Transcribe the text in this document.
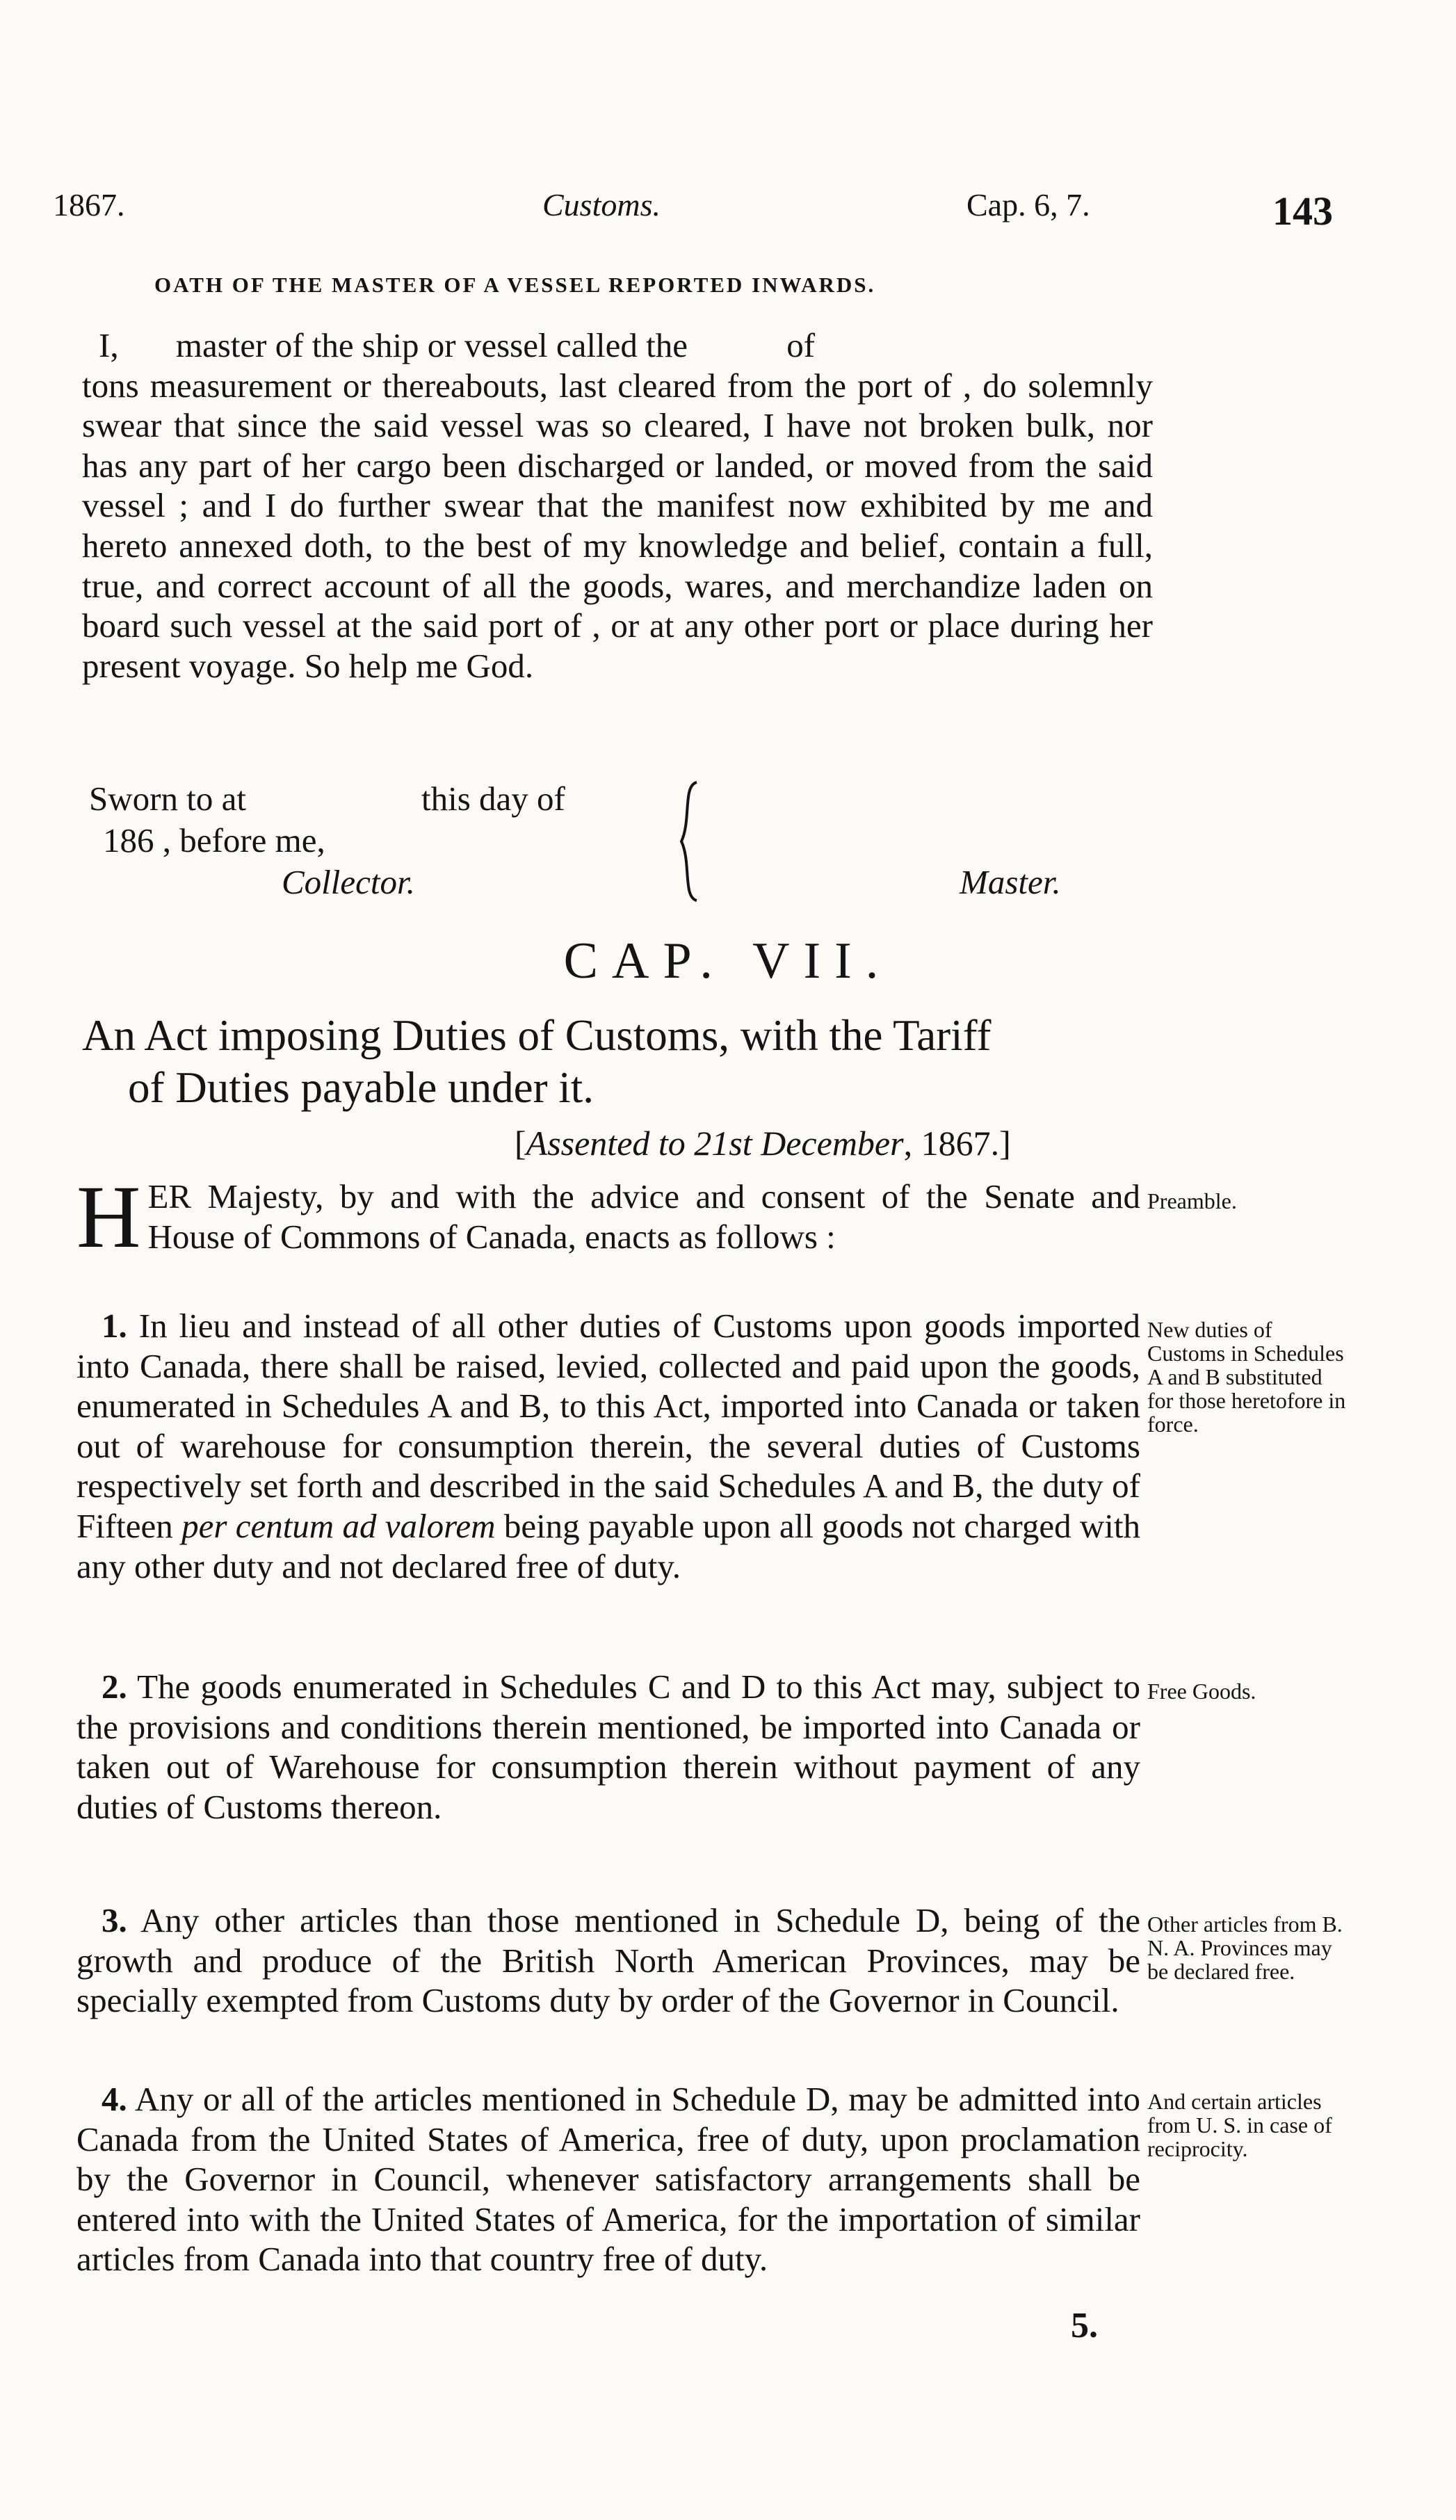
1867.	Customs.	Cap. 6, 7.	143
OATH OF THE MASTER OF A VESSEL REPORTED INWARDS.

I, master of the ship or vessel called the	of

tons measurement or thereabouts, last cleared from the port of , do solemnly swear that since the said vessel was so cleared, I have not broken bulk, nor has any part of her cargo been discharged or landed, or moved from the said vessel ; and I do further swear that the manifest now exhibited by me and hereto annexed doth, to the best of my knowledge and belief, contain a full, true, and correct account of all the goods, wares, and merchandize laden on board such vessel at the said port of , or at any other port or place during her present voyage. So help me God.

Sworn to at	this day of
186 , before me,
Collector.	Master.
CAP. VII.
An Act imposing Duties of Customs, with the Tariff
of Duties payable under it.
[Assented to 21st December, 1867.]
H ER Majesty, by and with the advice and consent of the Senate and House of Commons of Canada, enacts as follows :
Preamble.
1. In lieu and instead of all other duties of Customs upon goods imported into Canada, there shall be raised, levied, collected and paid upon the goods, enumerated in Schedules A and B, to this Act, imported into Canada or taken out of warehouse for consumption therein, the several duties of Customs respectively set forth and described in the said Schedules A and B, the duty of Fifteen per centum ad valorem being payable upon all goods not charged with any other duty and not declared free of duty.
New duties of Customs in Schedules A and B substituted for those heretofore in force.
2. The goods enumerated in Schedules C and D to this Act may, subject to the provisions and conditions therein mentioned, be imported into Canada or taken out of Warehouse for consumption therein without payment of any duties of Customs thereon.
Free Goods.
3. Any other articles than those mentioned in Schedule D, being of the growth and produce of the British North American Provinces, may be specially exempted from Customs duty by order of the Governor in Council.
Other articles from B. N. A. Provinces may be declared free.
4. Any or all of the articles mentioned in Schedule D, may be admitted into Canada from the United States of America, free of duty, upon proclamation by the Governor in Council, whenever satisfactory arrangements shall be entered into with the United States of America, for the importation of similar articles from Canada into that country free of duty.
And certain articles from U. S. in case of reciprocity.
5.
